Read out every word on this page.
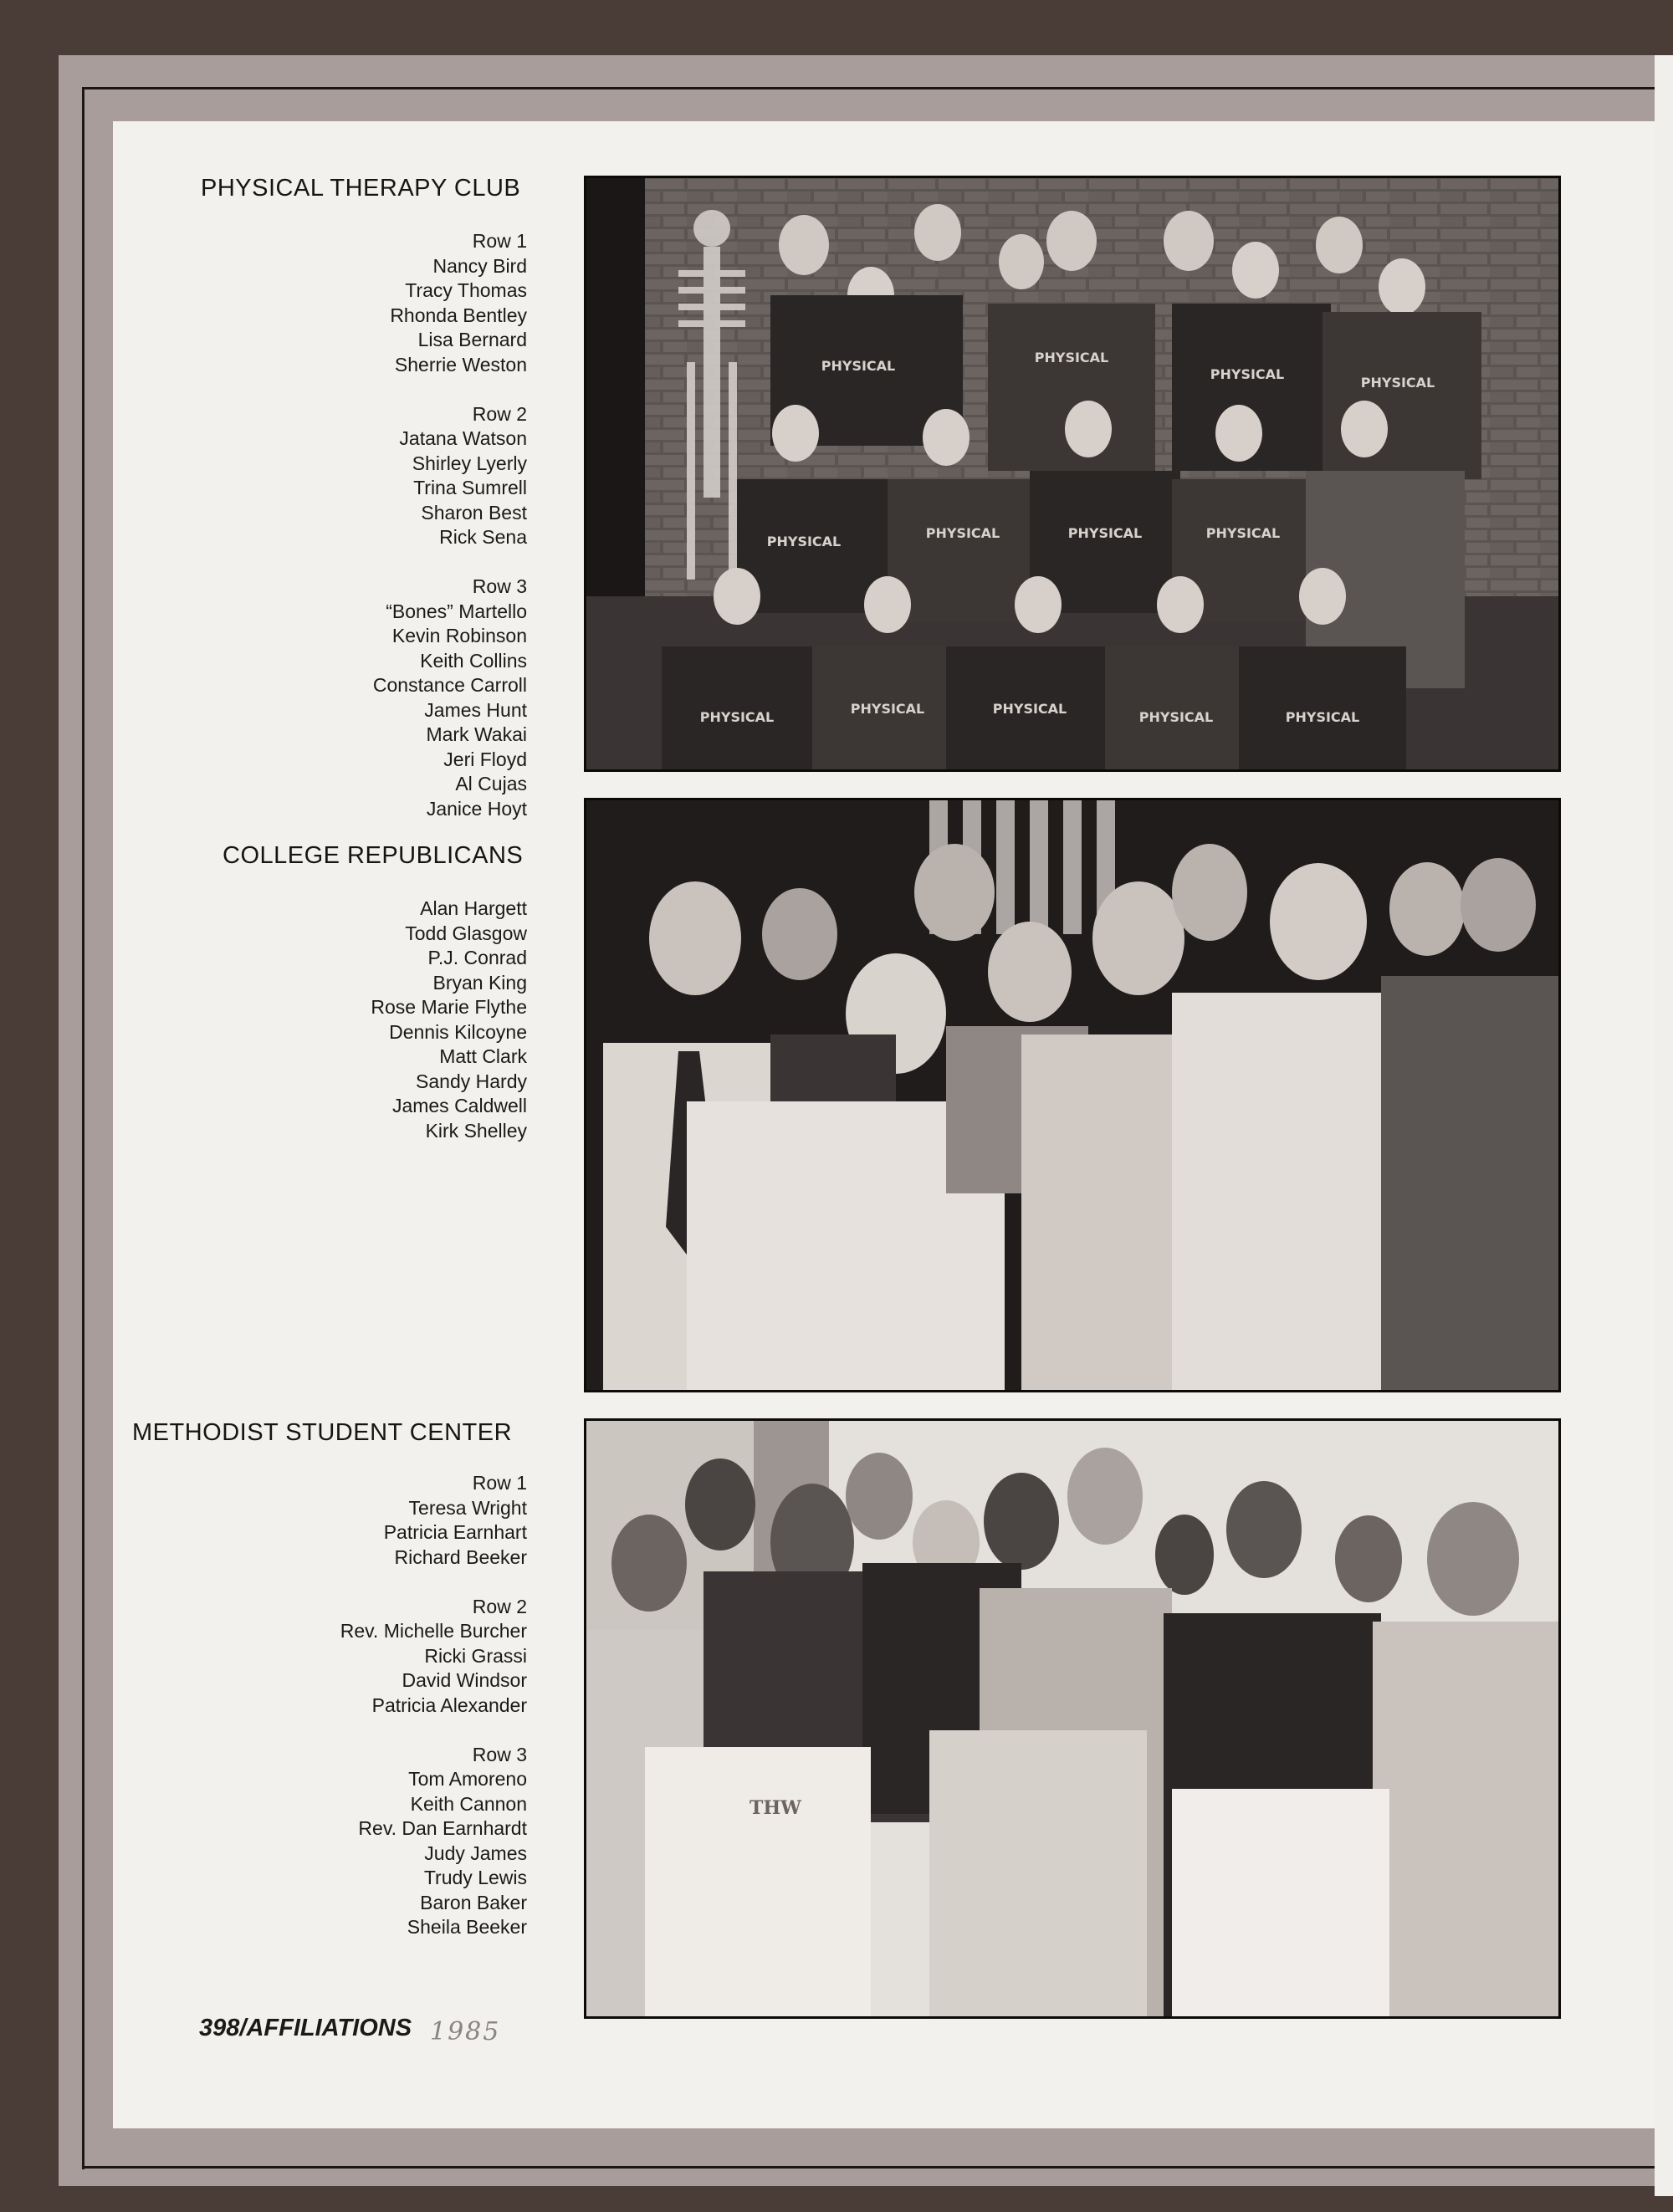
PHYSICAL THERAPY CLUB
Row 1
Nancy Bird
Tracy Thomas
Rhonda Bentley
Lisa Bernard
Sherrie Weston
Row 2
Jatana Watson
Shirley Lyerly
Trina Sumrell
Sharon Best
Rick Sena
Row 3
“Bones” Martello
Kevin Robinson
Keith Collins
Constance Carroll
James Hunt
Mark Wakai
Jeri Floyd
Al Cujas
Janice Hoyt
PHYSICAL
PHYSICAL
PHYSICAL
PHYSICAL
PHYSICAL
PHYSICAL	PHYSICAL	PHYSICAL
PHYSICAL
PHYSICAL	PHYSICAL
PHYSICAL	PHYSICAL
COLLEGE REPUBLICANS
Alan Hargett
Todd Glasgow
P.J. Conrad
Bryan King
Rose Marie Flythe
Dennis Kilcoyne
Matt Clark
Sandy Hardy
James Caldwell
Kirk Shelley
METHODIST STUDENT CENTER
Row 1
Teresa Wright
Patricia Earnhart
Richard Beeker
Row 2
Rev. Michelle Burcher
Ricki Grassi
David Windsor
Patricia Alexander
Row 3
Tom Amoreno
Keith Cannon
Rev. Dan Earnhardt
Judy James
Trudy Lewis
Baron Baker
Sheila Beeker
THW
398/AFFILIATIONS 1985
